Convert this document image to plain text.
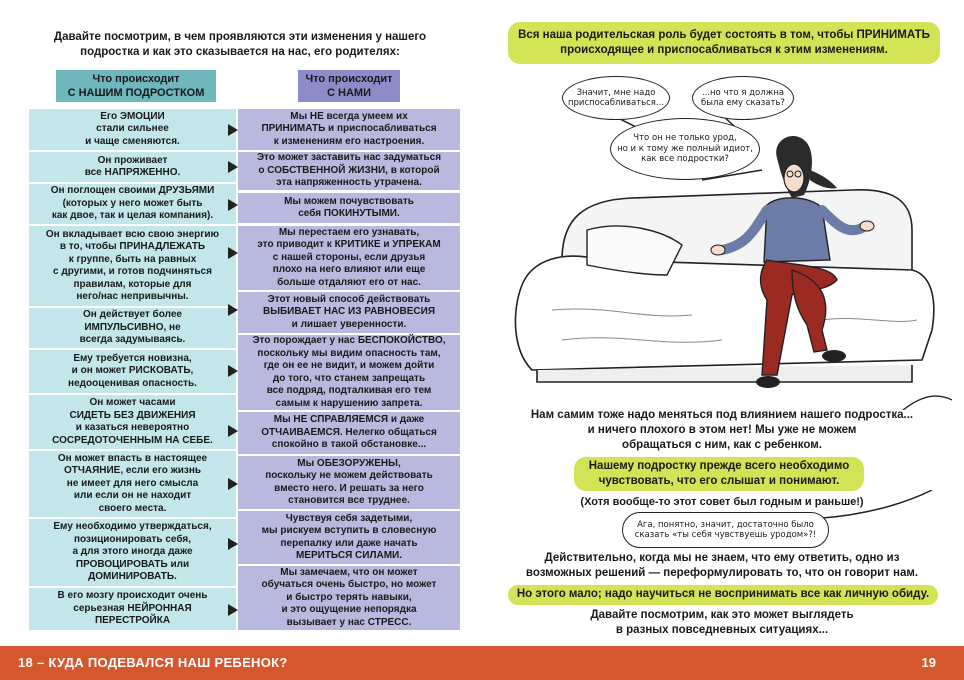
Давайте посмотрим, в чем проявляются эти изменения у нашего
подростка и как это сказывается на нас, его родителях:
Что происходит
С НАШИМ ПОДРОСТКОМ
Что происходит
С НАМИ
Его ЭМОЦИИ
стали сильнее
и чаще сменяются.
Мы НЕ всегда умеем их
ПРИНИМАТЬ и приспосабливаться
к изменениям его настроения.
Он проживает
все НАПРЯЖЕННО.
Это может заставить нас задуматься
о СОБСТВЕННОЙ ЖИЗНИ, в которой
эта напряженность утрачена.
Он поглощен своими ДРУЗЬЯМИ
(которых у него может быть
как двое, так и целая компания).
Мы можем почувствовать
себя ПОКИНУТЫМИ.
Он вкладывает всю свою энергию
в то, чтобы ПРИНАДЛЕЖАТЬ
к группе, быть на равных
с другими, и готов подчиняться
правилам, которые для
него/нас непривычны.
Мы перестаем его узнавать,
это приводит к КРИТИКЕ и УПРЕКАМ
с нашей стороны, если друзья
плохо на него влияют или еще
больше отдаляют его от нас.
Он действует более
ИМПУЛЬСИВНО, не
всегда задумываясь.
Этот новый способ действовать
ВЫБИВАЕТ НАС ИЗ РАВНОВЕСИЯ
и лишает уверенности.
Ему требуется новизна,
и он может РИСКОВАТЬ,
недооценивая опасность.
Это порождает у нас БЕСПОКОЙСТВО,
поскольку мы видим опасность там,
где он ее не видит, и можем дойти
до того, что станем запрещать
все подряд, подталкивая его тем
самым к нарушению запрета.
Он может часами
СИДЕТЬ БЕЗ ДВИЖЕНИЯ
и казаться невероятно
СОСРЕДОТОЧЕННЫМ НА СЕБЕ.
Мы НЕ СПРАВЛЯЕМСЯ и даже
ОТЧАИВАЕМСЯ. Нелегко общаться
спокойно в такой обстановке...
Он может впасть в настоящее
ОТЧАЯНИЕ, если его жизнь
не имеет для него смысла
или если он не находит
своего места.
Мы ОБЕЗОРУЖЕНЫ,
поскольку не можем действовать
вместо него. И решать за него
становится все труднее.
Ему необходимо утверждаться,
позиционировать себя,
а для этого иногда даже
ПРОВОЦИРОВАТЬ или
ДОМИНИРОВАТЬ.
Чувствуя себя задетыми,
мы рискуем вступить в словесную
перепалку или даже начать
МЕРИТЬСЯ СИЛАМИ.
В его мозгу происходит очень
серьезная НЕЙРОННАЯ
ПЕРЕСТРОЙКА
Мы замечаем, что он может
обучаться очень быстро, но может
и быстро терять навыки,
и это ощущение непорядка
вызывает у нас СТРЕСС.
Вся наша родительская роль будет состоять в том, чтобы ПРИНИМАТЬ
происходящее и приспосабливаться к этим изменениям.
Значит, мне надо
приспосабливаться...
...но что я должна
была ему сказать?
Что он не только урод,
но и к тому же полный идиот,
как все подростки?
Нам самим тоже надо меняться под влиянием нашего подростка...
и ничего плохого в этом нет! Мы уже не можем
обращаться с ним, как с ребенком.
Нашему подростку прежде всего необходимо
чувствовать, что его слышат и понимают.
(Хотя вообще-то этот совет был годным и раньше!)
Ага, понятно, значит, достаточно было
сказать «ты себя чувствуешь уродом»?!
Действительно, когда мы не знаем, что ему ответить, одно из
возможных решений — переформулировать то, что он говорит нам.
Но этого мало; надо научиться не воспринимать все как личную обиду.
Давайте посмотрим, как это может выглядеть
в разных повседневных ситуациях...
18 – КУДА ПОДЕВАЛСЯ НАШ РЕБЕНОК?	19
